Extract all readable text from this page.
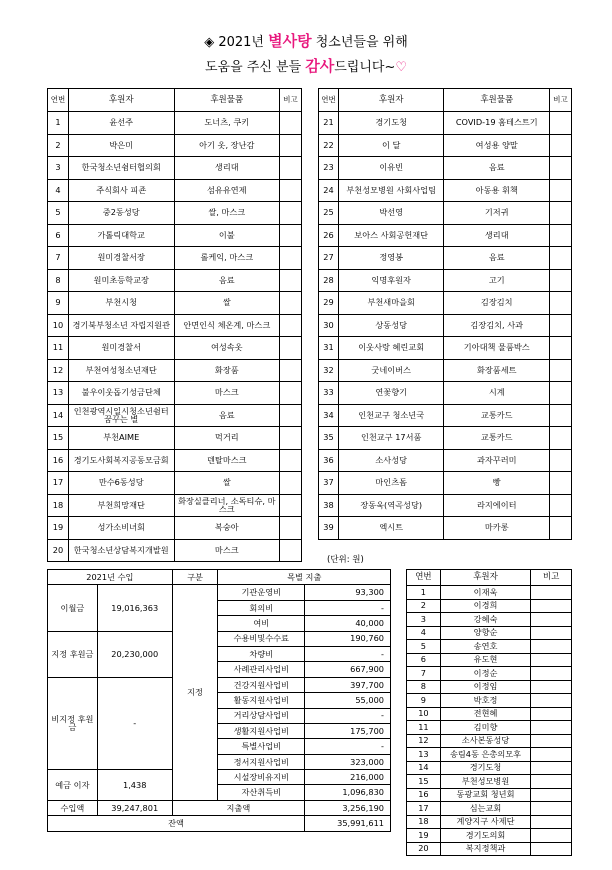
◈ 2021년 별사탕 청소년들을 위해
도움을 주신 분들 감사드립니다~♡
연번	후원자	후원물품	비고
1	윤선주	도너츠, 쿠키	
2	박은미	아기 옷, 장난감	
3	한국청소년쉼터협의회	생리대	
4	주식회사 피죤	섬유유연제	
5	중2동성당	쌀, 마스크	
6	가톨릭대학교	이불	
7	원미경찰서장	롤케익, 마스크	
8	원미초등학교장	음료	
9	부천시청	쌀	
10	경기북부청소년 자립지원관	안면인식 체온계, 마스크	
11	원미경찰서	여성속옷	
12	부천여성청소년재단	화장품	
13	불우이웃돕기성금단체	마스크	
14	인천광역시일시청소년쉼터 꿈꾸는 별	음료	
15	부천AIME	먹거리	
16	경기도사회복지공동모금회	덴탈마스크	
17	만수6동성당	쌀	
18	부천희망재단	화장실클리너, 소독티슈, 마스크	
19	성가소비녀회	복숭아	
20	한국청소년상담복지개발원	마스크	
연번	후원자	후원물품	비고
21	경기도청	COVID-19 홈테스트기	
22	이 달	여성용 양말	
23	이유빈	음료	
24	부천성모병원 사회사업팀	아동용 휘책	
25	박선영	기저귀	
26	보아스 사회공헌재단	생리대	
27	정영봉	음료	
28	익명후원자	고기	
29	부천새마을회	김장김치	
30	상동성당	김장김치, 사과	
31	이웃사랑 혜린교회	기아대책 물품박스	
32	굿네이버스	화장품세트	
33	연꽃향기	시계	
34	인천교구 청소년국	교통카드	
35	인천교구 17서품	교통카드	
36	소사성당	과자꾸러미	
37	마인츠돔	빵	
38	장동욱(역곡성당)	라지에이터	
39	엑시트	마카롱	
(단위: 원)
2021년 수입		구분	목별 지출	
이월금	19,016,363	지정	기관운영비	93,300
			회의비	-
			여비	40,000
지정 후원금	20,230,000		수용비및수수료	190,760
			차량비	-
			사례관리사업비	667,900
비지정 후원금	-		건강지원사업비	397,700
			활동지원사업비	55,000
			거리상담사업비	-
			생활지원사업비	175,700
			특별사업비	-
			정서지원사업비	323,000
예금 이자	1,438		시설장비유지비	216,000
			자산취득비	1,096,830
수입액	39,247,801	지출액		3,256,190
잔액				35,991,611
연번	후원자	비고
1	이재욱	
2	이경희	
3	강혜숙	
4	양향순	
5	송연호	
6	유도현	
7	이정순	
8	이정임	
9	박호정	
10	전현혜	
11	김미향	
12	소사본동성당	
13	송림4동 은총의모후	
14	경기도청	
15	부천성모병원	
16	동광교회 청년회	
17	심는교회	
18	계양지구 사제단	
19	경기도의회	
20	복지정책과	
